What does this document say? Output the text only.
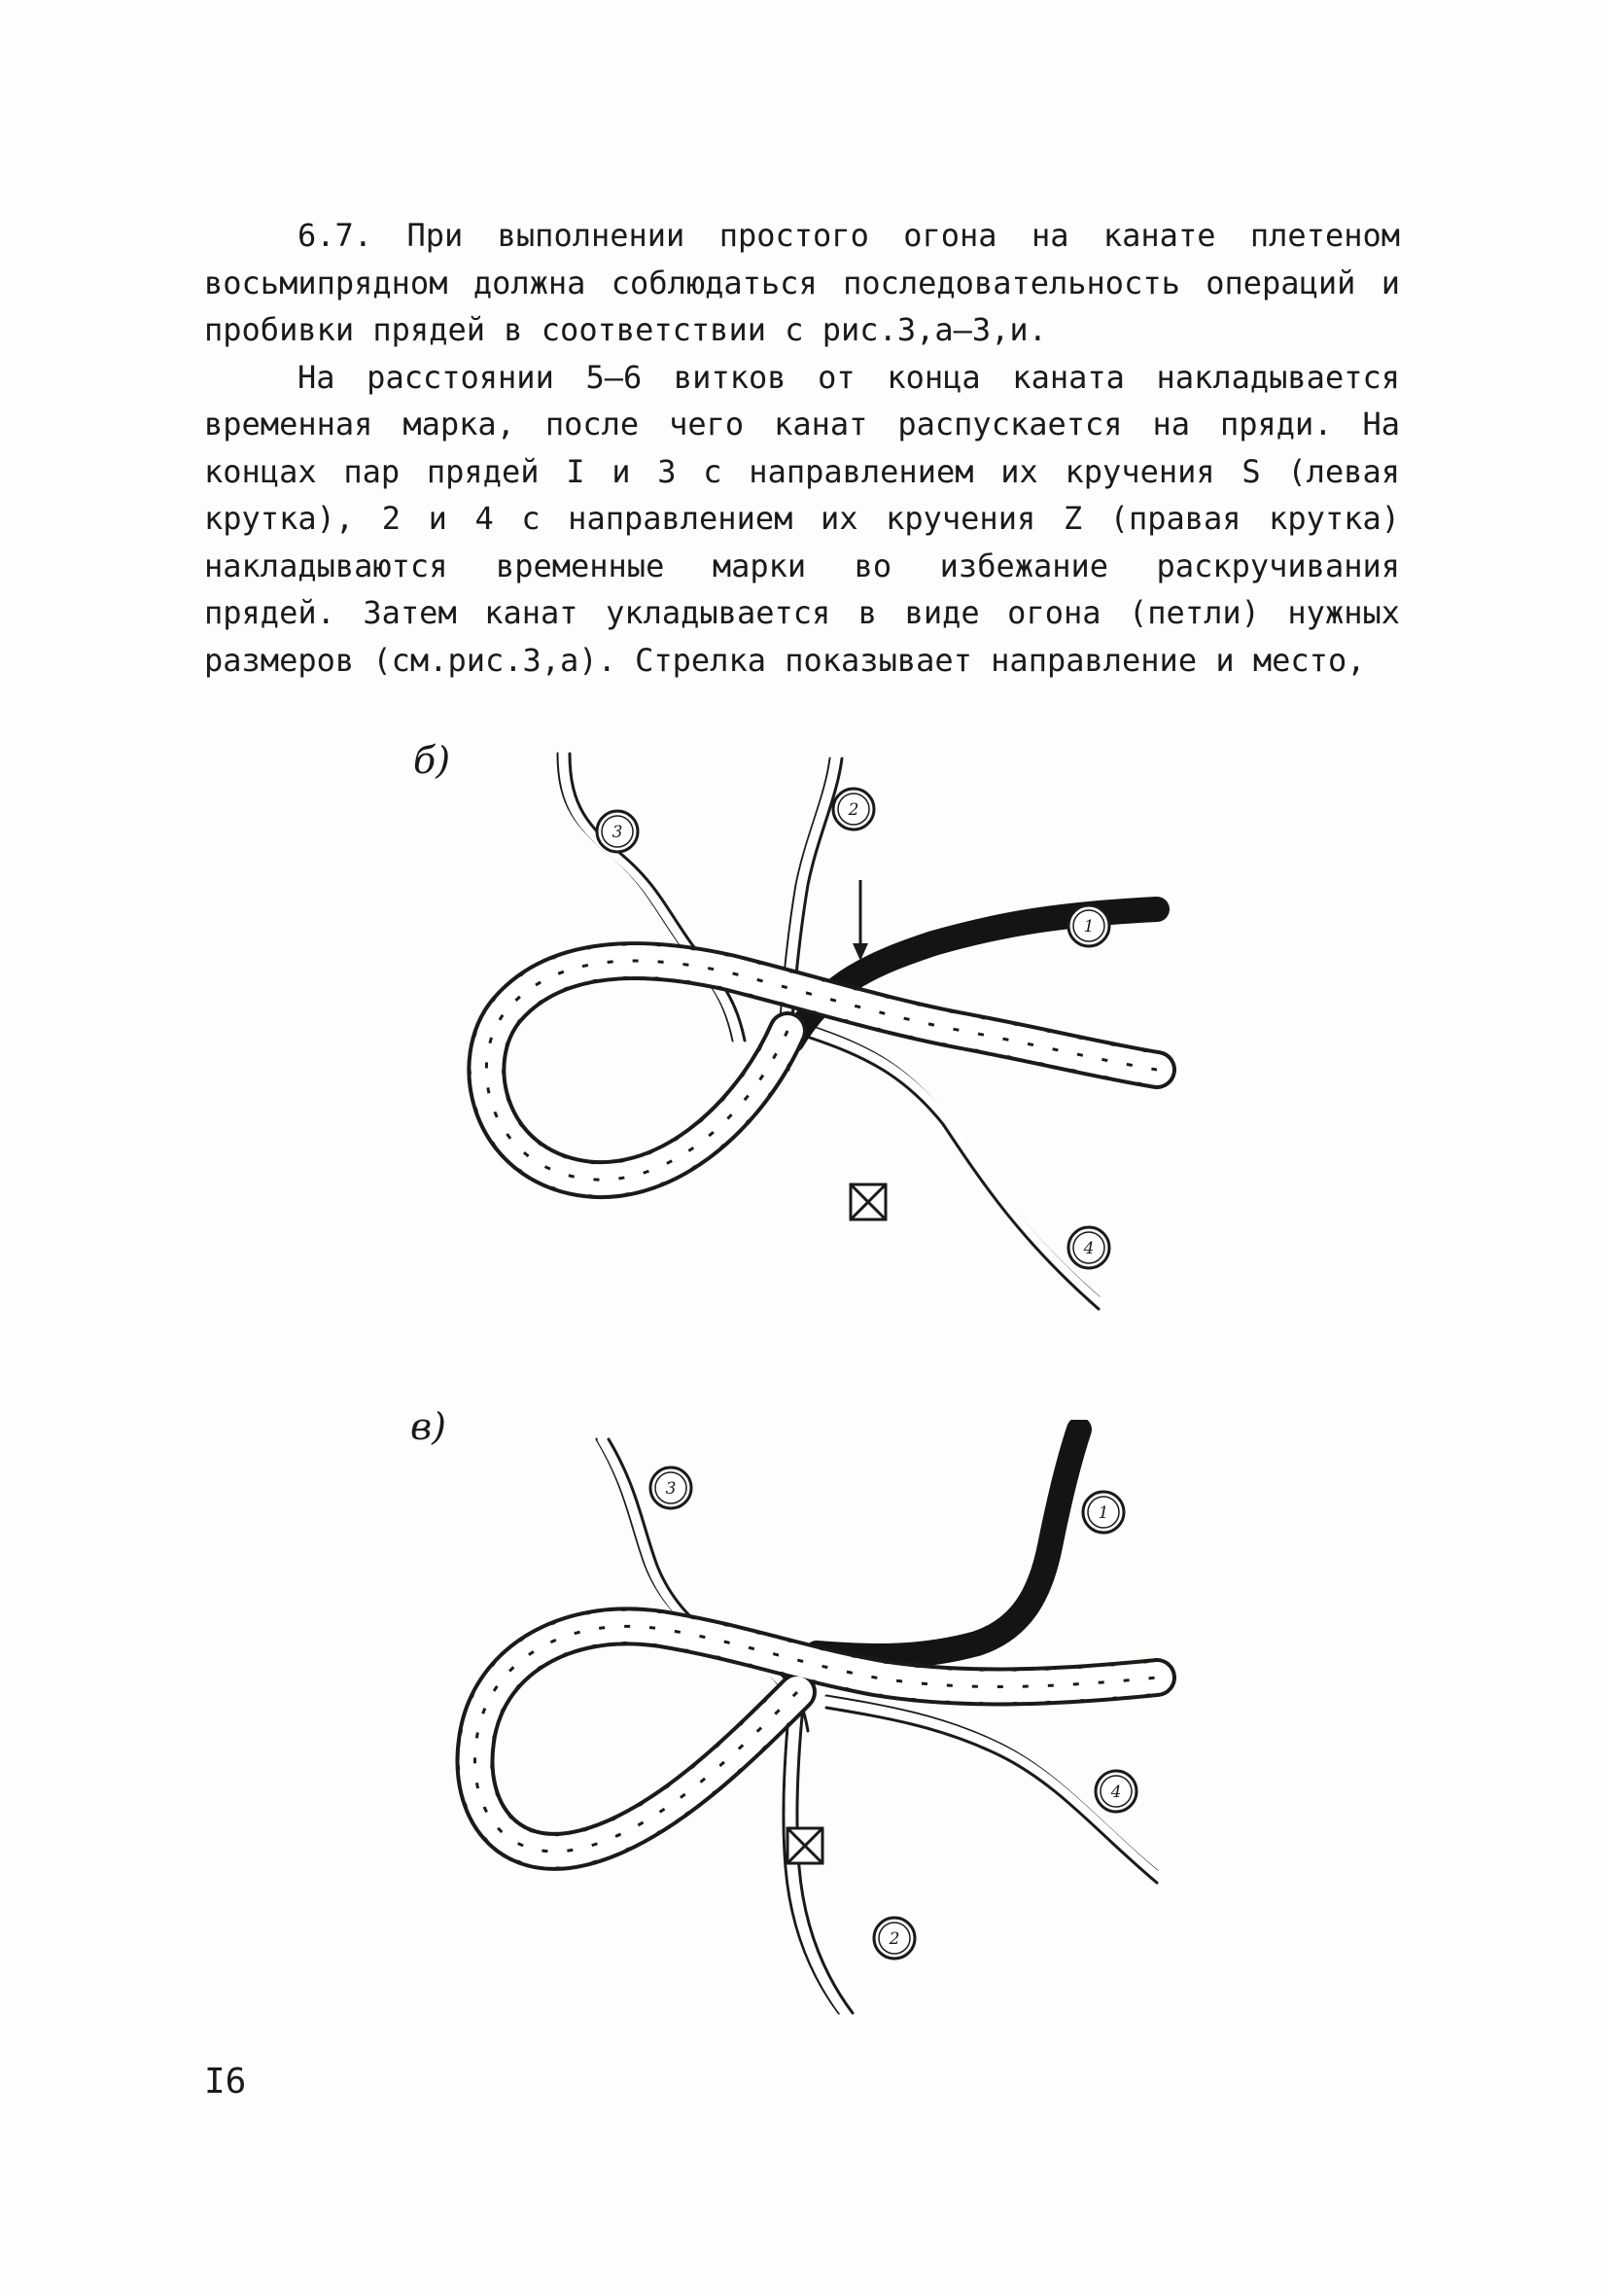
6.7. При выполнении простого огона на канате плетеном восьмипрядном должна соблюдаться последовательность операций и пробивки прядей в соответствии с рис.3,а–3,и.

На расстоянии 5–6 витков от конца каната накладывается временная марка, после чего канат распускается на пряди. На концах пар прядей I и 3 с направлением их кручения S (левая крутка), 2 и 4 с направлением их кручения Z (правая крутка) накладываются временные марки во избежание раскручивания прядей. Затем канат укладывается в виде огона (петли) нужных размеров (см.рис.3,а). Стрелка показывает направление и место,

б)
3
2
1
4
в)
3
1
4
2
I6
